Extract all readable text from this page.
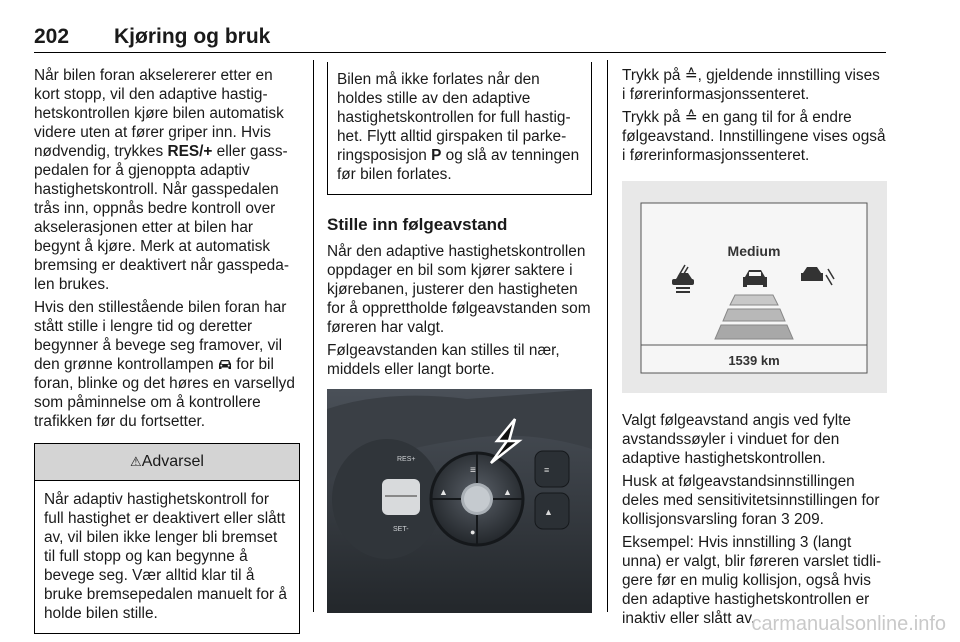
202 Kjøring og bruk

Når bilen foran akselererer etter en kort stopp, vil den adaptive hastighetskontrollen kjøre bilen automatisk videre uten at fører griper inn. Hvis nødvendig, trykkes RES/+ eller gasspedalen for å gjenoppta adaptiv hastighetskontroll. Når gasspedalen trås inn, oppnås bedre kontroll over akselerasjonen etter at bilen har begynt å kjøre. Merk at automatisk bremsing er deaktivert når gasspedalen brukes.

Hvis den stillestående bilen foran har stått stille i lengre tid og deretter begynner å bevege seg framover, vil den grønne kontrollampen  for bil foran, blinke og det høres en varsellyd som påminnelse om å kontrollere trafikken før du fortsetter.

⚠Advarsel
Når adaptiv hastighetskontroll for full hastighet er deaktivert eller slått av, vil bilen ikke lenger bli bremset til full stopp og kan begynne å bevege seg. Vær alltid klar til å bruke bremsepedalen manuelt for å holde bilen stille.
Bilen må ikke forlates når den holdes stille av den adaptive hastighetskontrollen for full hastighet. Flytt alltid girspaken til parkeringsposisjon P og slå av tenningen før bilen forlates.

Stille inn følgeavstand

Når den adaptive hastighetskontrollen oppdager en bil som kjører saktere i kjørebanen, justerer den hastigheten for å opprettholde følgeavstanden som føreren har valgt.

Følgeavstanden kan stilles til nær, middels eller langt borte.

RES+
SET-
≡
▲	▲
●
≡
▲

Trykk på ≙, gjeldende innstilling vises i førerinformasjonssenteret.

Trykk på ≙ en gang til for å endre følgeavstand. Innstillingene vises også i førerinformasjonssenteret.

Medium
1539 km

Valgt følgeavstand angis ved fylte avstandssøyler i vinduet for den adaptive hastighetskontrollen.

Husk at følgeavstandsinnstillingen deles med sensitivitetsinnstillingen for kollisjonsvarsling foran 3 209.

Eksempel: Hvis innstilling 3 (langt unna) er valgt, blir føreren varslet tidligere før en mulig kollisjon, også hvis den adaptive hastighetskontrollen er inaktiv eller slått av.

carmanualsonline.info
